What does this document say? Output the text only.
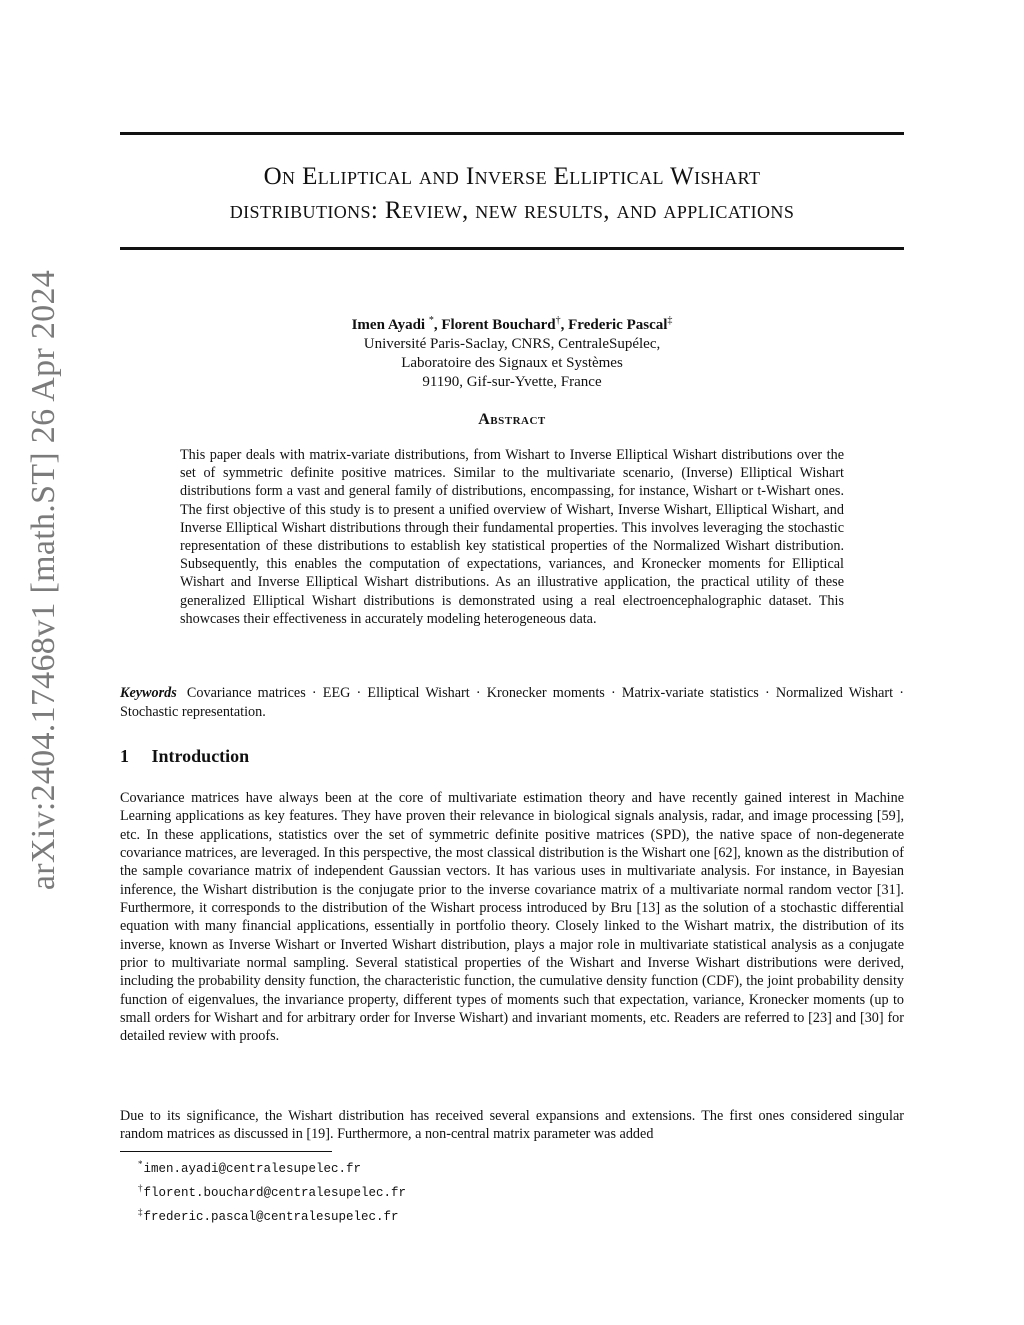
arXiv:2404.17468v1 [math.ST] 26 Apr 2024
On Elliptical and Inverse Elliptical Wishart
distributions: Review, new results, and applications
Imen Ayadi *, Florent Bouchard†, Frederic Pascal‡
Université Paris-Saclay, CNRS, CentraleSupélec,
Laboratoire des Signaux et Systèmes
91190, Gif-sur-Yvette, France
Abstract
This paper deals with matrix-variate distributions, from Wishart to Inverse Elliptical Wishart distributions over the set of symmetric definite positive matrices. Similar to the multivariate scenario, (Inverse) Elliptical Wishart distributions form a vast and general family of distributions, encompassing, for instance, Wishart or t-Wishart ones. The first objective of this study is to present a unified overview of Wishart, Inverse Wishart, Elliptical Wishart, and Inverse Elliptical Wishart distributions through their fundamental properties. This involves leveraging the stochastic representation of these distributions to establish key statistical properties of the Normalized Wishart distribution. Subsequently, this enables the computation of expectations, variances, and Kronecker moments for Elliptical Wishart and Inverse Elliptical Wishart distributions. As an illustrative application, the practical utility of these generalized Elliptical Wishart distributions is demonstrated using a real electroencephalographic dataset. This showcases their effectiveness in accurately modeling heterogeneous data.
Keywords Covariance matrices · EEG · Elliptical Wishart · Kronecker moments · Matrix-variate statistics · Normalized Wishart · Stochastic representation.
1 Introduction
Covariance matrices have always been at the core of multivariate estimation theory and have recently gained interest in Machine Learning applications as key features. They have proven their relevance in biological signals analysis, radar, and image processing [59], etc. In these applications, statistics over the set of symmetric definite positive matrices (SPD), the native space of non-degenerate covariance matrices, are leveraged. In this perspective, the most classical distribution is the Wishart one [62], known as the distribution of the sample covariance matrix of independent Gaussian vectors. It has various uses in multivariate analysis. For instance, in Bayesian inference, the Wishart distribution is the conjugate prior to the inverse covariance matrix of a multivariate normal random vector [31]. Furthermore, it corresponds to the distribution of the Wishart process introduced by Bru [13] as the solution of a stochastic differential equation with many financial applications, essentially in portfolio theory. Closely linked to the Wishart matrix, the distribution of its inverse, known as Inverse Wishart or Inverted Wishart distribution, plays a major role in multivariate statistical analysis as a conjugate prior to multivariate normal sampling. Several statistical properties of the Wishart and Inverse Wishart distributions were derived, including the probability density function, the characteristic function, the cumulative density function (CDF), the joint probability density function of eigenvalues, the invariance property, different types of moments such that expectation, variance, Kronecker moments (up to small orders for Wishart and for arbitrary order for Inverse Wishart) and invariant moments, etc. Readers are referred to [23] and [30] for detailed review with proofs.
Due to its significance, the Wishart distribution has received several expansions and extensions. The first ones considered singular random matrices as discussed in [19]. Furthermore, a non-central matrix parameter was added
*imen.ayadi@centralesupelec.fr
†florent.bouchard@centralesupelec.fr
‡frederic.pascal@centralesupelec.fr
